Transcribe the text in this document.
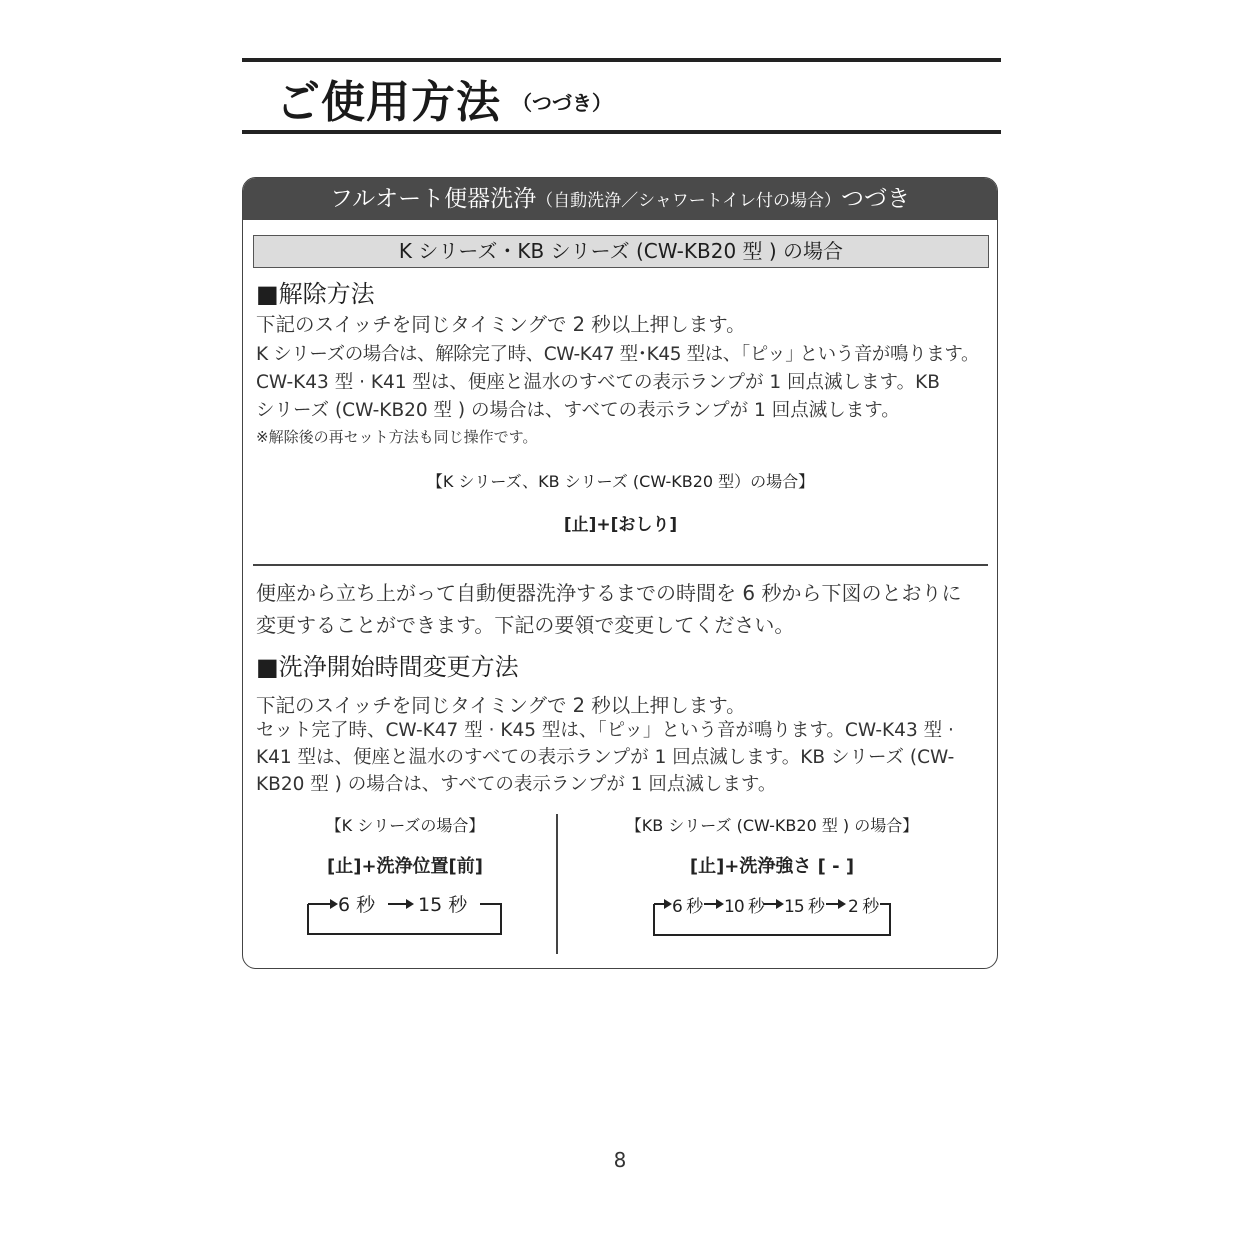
ご使用方法 （つづき）
フルオート便器洗浄（自動洗浄／シャワートイレ付の場合）つづき
K シリーズ・KB シリーズ (CW-KB20 型 ) の場合
■解除方法
下記のスイッチを同じタイミングで 2 秒以上押します。
K シリーズの場合は、解除完了時、CW-K47 型･K45 型は、｢ピッ｣ という音が鳴ります。
CW-K43 型 · K41 型は、便座と温水のすべての表示ランプが 1 回点滅します。KB
シリーズ (CW-KB20 型 ) の場合は、すべての表示ランプが 1 回点滅します。
※解除後の再セット方法も同じ操作です。
【K シリーズ、KB シリーズ (CW-KB20 型）の場合】
[止]+[おしり]
便座から立ち上がって自動便器洗浄するまでの時間を 6 秒から下図のとおりに
変更することができます。下記の要領で変更してください。
■洗浄開始時間変更方法
下記のスイッチを同じタイミングで 2 秒以上押します。
セット完了時、CW-K47 型 · K45 型は、「ピッ」という音が鳴ります。CW-K43 型 ·
K41 型は、便座と温水のすべての表示ランプが 1 回点滅します。KB シリーズ (CW-
KB20 型 ) の場合は、すべての表示ランプが 1 回点滅します。
【K シリーズの場合】
[止]+洗浄位置[前]
6 秒 15 秒
【KB シリーズ (CW-KB20 型 ) の場合】
[止]+洗浄強さ [ - ]
6 秒 10 秒 15 秒 2 秒
8
